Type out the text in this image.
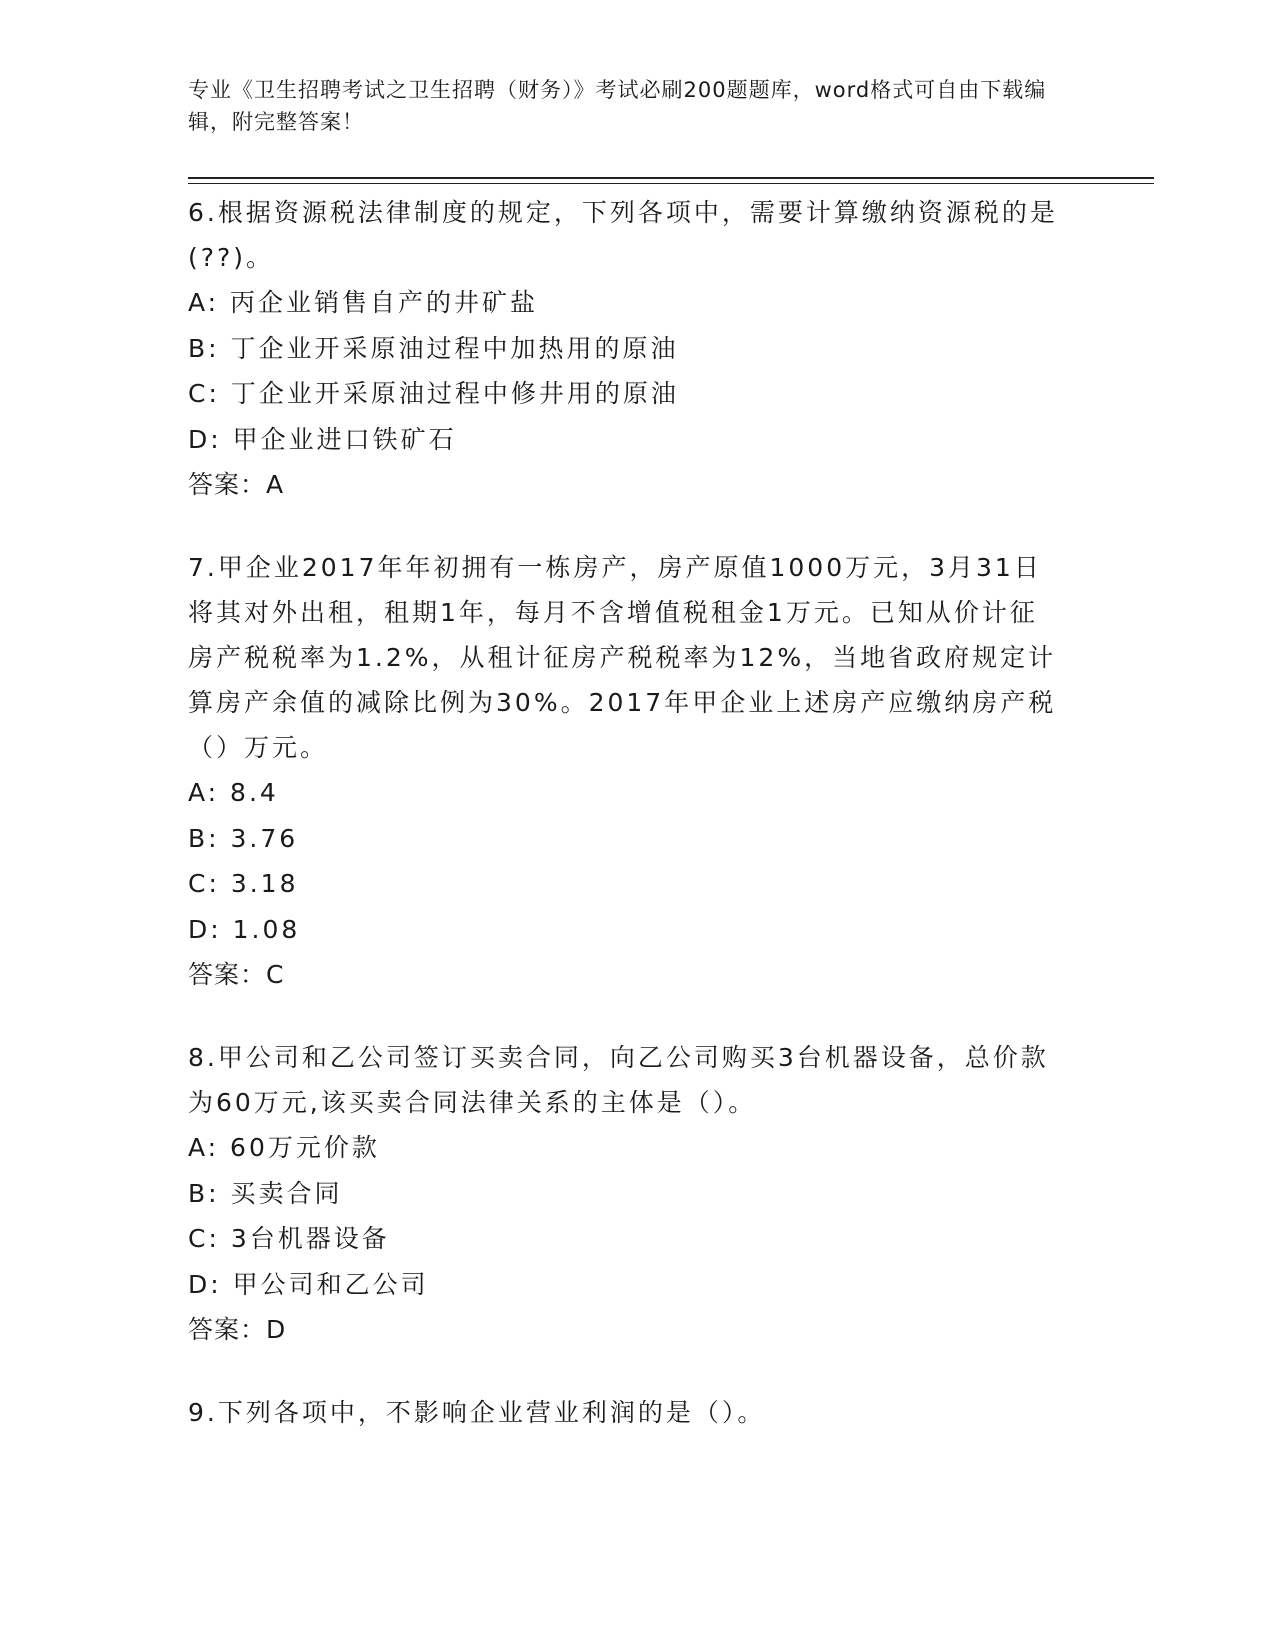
专业《卫生招聘考试之卫生招聘（财务）》考试必刷200题题库，word格式可自由下载编辑，附完整答案！

6.根据资源税法律制度的规定，下列各项中，需要计算缴纳资源税的是(??)。

A: 丙企业销售自产的井矿盐

B: 丁企业开采原油过程中加热用的原油

C: 丁企业开采原油过程中修井用的原油

D: 甲企业进口铁矿石

答案：A

7.甲企业2017年年初拥有一栋房产，房产原值1000万元，3月31日将其对外出租，租期1年，每月不含增值税租金1万元。已知从价计征房产税税率为1.2%，从租计征房产税税率为12%，当地省政府规定计算房产余值的减除比例为30%。2017年甲企业上述房产应缴纳房产税（）万元。

A: 8.4

B: 3.76

C: 3.18

D: 1.08

答案：C

8.甲公司和乙公司签订买卖合同，向乙公司购买3台机器设备，总价款为60万元,该买卖合同法律关系的主体是（）。

A: 60万元价款

B: 买卖合同

C: 3台机器设备

D: 甲公司和乙公司

答案：D

9.下列各项中，不影响企业营业利润的是（）。
